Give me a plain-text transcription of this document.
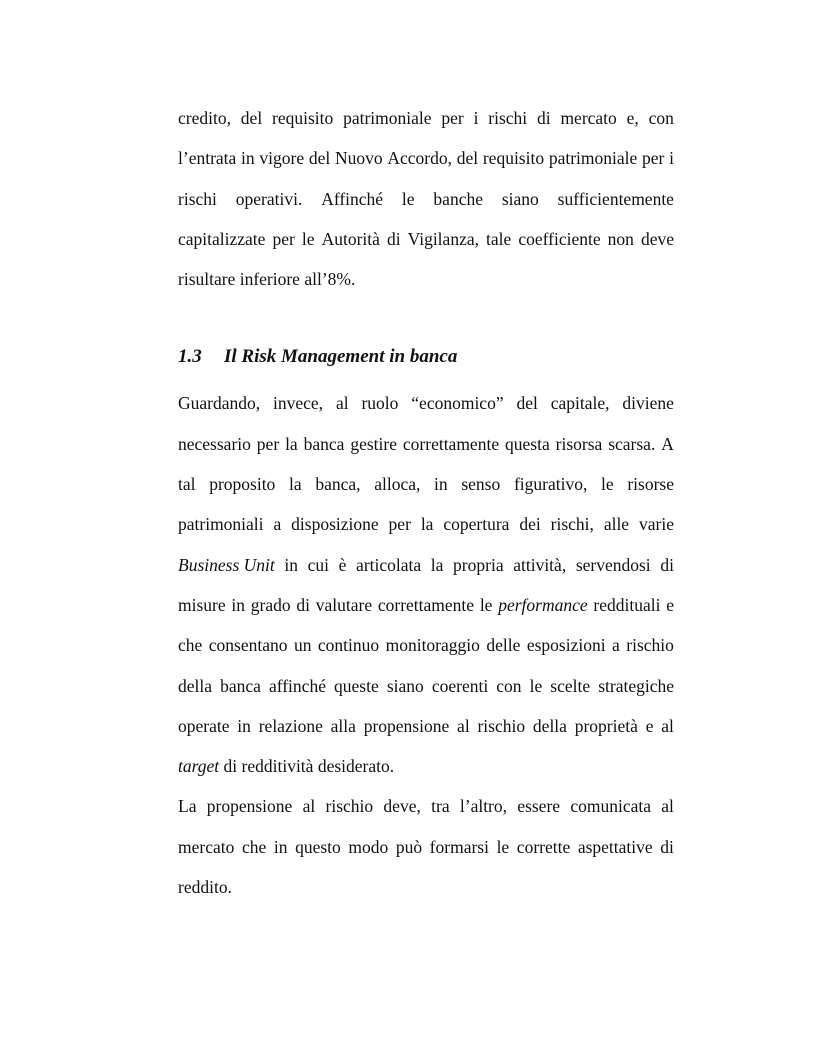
credito, del requisito patrimoniale per i rischi di mercato e, con
l’entrata in vigore del Nuovo Accordo, del requisito patrimoniale per i
rischi operativi. Affinché le banche siano sufficientemente
capitalizzate per le Autorità di Vigilanza, tale coefficiente non deve
risultare inferiore all’8%.
1.3 Il Risk Management in banca
Guardando, invece, al ruolo “economico” del capitale, diviene
necessario per la banca gestire correttamente questa risorsa scarsa. A
tal proposito la banca, alloca, in senso figurativo, le risorse
patrimoniali a disposizione per la copertura dei rischi, alle varie
Business Unit in cui è articolata la propria attività, servendosi di
misure in grado di valutare correttamente le performance reddituali e
che consentano un continuo monitoraggio delle esposizioni a rischio
della banca affinché queste siano coerenti con le scelte strategiche
operate in relazione alla propensione al rischio della proprietà e al
target di redditività desiderato.
La propensione al rischio deve, tra l’altro, essere comunicata al
mercato che in questo modo può formarsi le corrette aspettative di
reddito.
